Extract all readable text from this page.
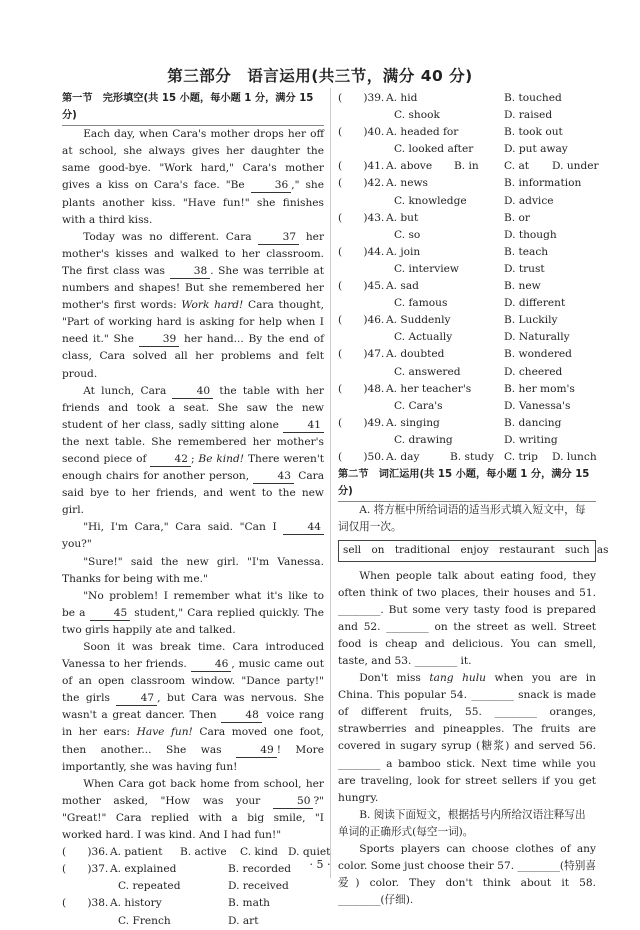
第三部分　语言运用(共三节，满分 40 分)
第一节　完形填空(共 15 小题，每小题 1 分，满分 15 分)

Each day, when Cara's mother drops her off at school, she always gives her daughter the same good-bye. "Work hard," Cara's mother gives a kiss on Cara's face. "Be 36 ," she plants another kiss. "Have fun!" she finishes with a third kiss.

Today was no different. Cara 37 her mother's kisses and walked to her classroom. The first class was 38 . She was terrible at numbers and shapes! But she remembered her mother's first words: Work hard! Cara thought, "Part of working hard is asking for help when I need it." She 39 her hand... By the end of class, Cara solved all her problems and felt proud.

At lunch, Cara 40 the table with her friends and took a seat. She saw the new student of her class, sadly sitting alone 41 the next table. She remembered her mother's second piece of 42 ; Be kind! There weren't enough chairs for another person, 43 Cara said bye to her friends, and went to the new girl.

"Hi, I'm Cara," Cara said. "Can I 44 you?"

"Sure!" said the new girl. "I'm Vanessa. Thanks for being with me."

"No problem! I remember what it's like to be a 45 student," Cara replied quickly. The two girls happily ate and talked.

Soon it was break time. Cara introduced Vanessa to her friends. 46 , music came out of an open classroom window. "Dance party!" the girls 47 , but Cara was nervous. She wasn't a great dancer. Then 48 voice rang in her ears: Have fun! Cara moved one foot, then another... She was 49 ! More importantly, she was having fun!

When Cara got back home from school, her mother asked, "How was your 50 ?" "Great!" Cara replied with a big smile, "I worked hard. I was kind. And I had fun!"

(　　)36. A. patient B. active C. kind D. quiet
(　　)37. A. explained	B. recorded
C. repeated	D. received
(　　)38. A. history	B. math
C. French	D. art
(　　)39. A. hid	B. touched
C. shook	D. raised
(　　)40. A. headed for	B. took out
C. looked after	D. put away
(　　)41. A. above B. in C. at D. under
(　　)42. A. news	B. information
C. knowledge	D. advice
(　　)43. A. but	B. or
C. so	D. though
(　　)44. A. join	B. teach
C. interview	D. trust
(　　)45. A. sad	B. new
C. famous	D. different
(　　)46. A. Suddenly	B. Luckily
C. Actually	D. Naturally
(　　)47. A. doubted	B. wondered
C. answered	D. cheered
(　　)48. A. her teacher's	B. her mom's
C. Cara's	D. Vanessa's
(　　)49. A. singing	B. dancing
C. drawing	D. writing
(　　)50. A. day	B. study C. trip D. lunch
第二节　词汇运用(共 15 小题，每小题 1 分，满分 15 分)

A. 将方框中所给词语的适当形式填入短文中，每词仅用一次。

sell　on　traditional　enjoy　restaurant　such as

When people talk about eating food, they often think of two places, their houses and 51. ________. But some very tasty food is prepared and 52. ________ on the street as well. Street food is cheap and delicious. You can smell, taste, and 53. ________ it.

Don't miss tang hulu when you are in China. This popular 54. ________ snack is made of different fruits, 55. ________ oranges, strawberries and pineapples. The fruits are covered in sugary syrup (糖浆) and served 56. ________ a bamboo stick. Next time while you are traveling, look for street sellers if you get hungry.

B. 阅读下面短文，根据括号内所给汉语注释写出单词的正确形式(每空一词)。

Sports players can choose clothes of any color. Some just choose their 57. ________(特别喜爱) color. They don't think about it 58. ________(仔细).

· 5 ·
